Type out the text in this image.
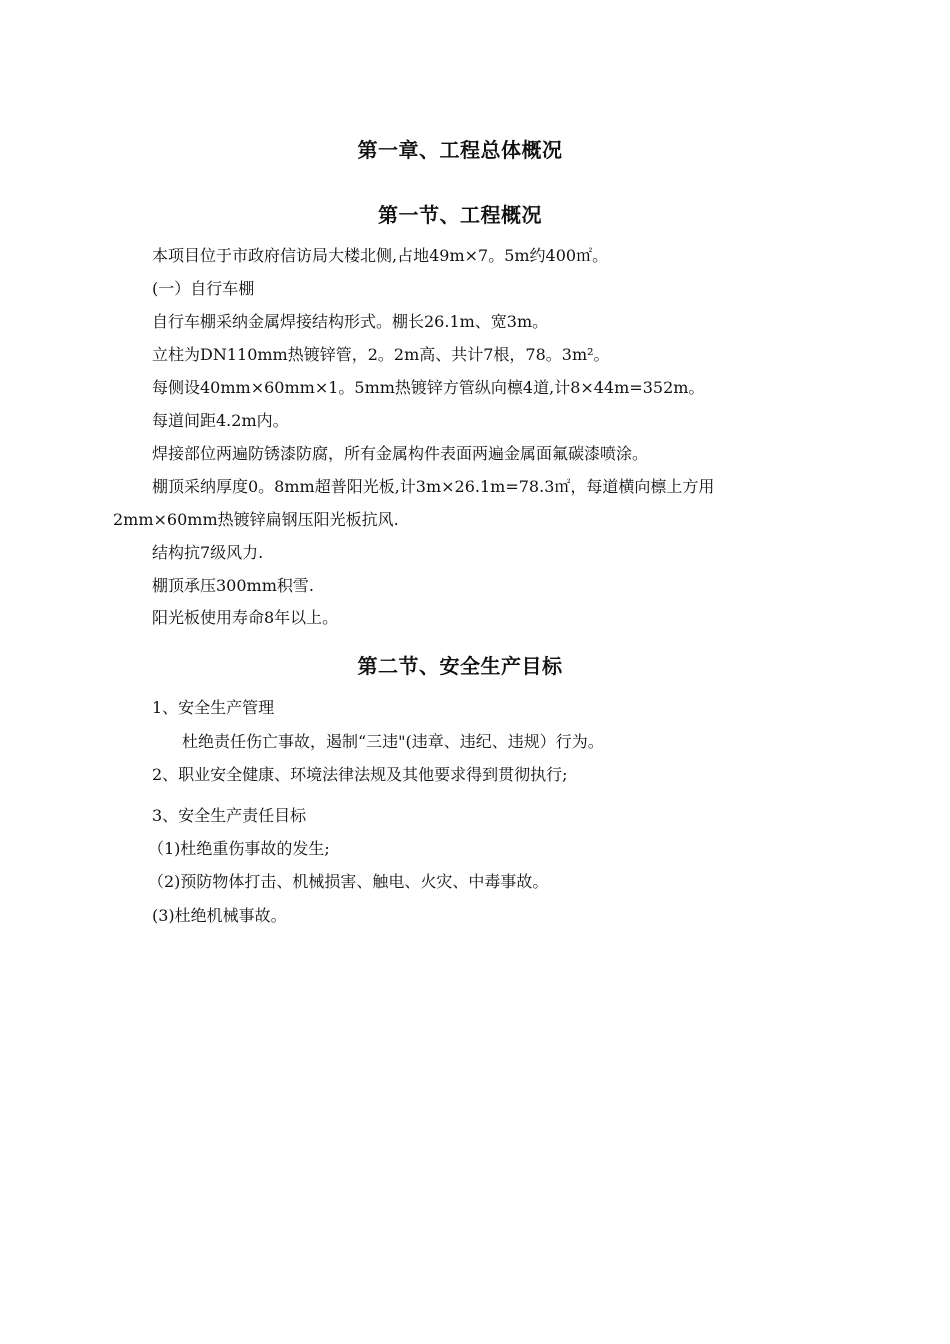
第一章、工程总体概况
第一节、工程概况
本项目位于市政府信访局大楼北侧,占地49m×7。5m约400㎡。
(一）自行车棚
自行车棚采纳金属焊接结构形式。棚长26.1m、宽3m。
立柱为DN110mm热镀锌管，2。2m高、共计7根，78。3m²。
每侧设40mm×60mm×1。5mm热镀锌方管纵向檩4道,计8×44m=352m。
每道间距4.2m内。
焊接部位两遍防锈漆防腐，所有金属构件表面两遍金属面氟碳漆喷涂。
棚顶采纳厚度0。8mm超普阳光板,计3m×26.1m=78.3㎡，每道横向檩上方用
2mm×60mm热镀锌扁钢压阳光板抗风.
结构抗7级风力.
棚顶承压300mm积雪.
阳光板使用寿命8年以上。
第二节、安全生产目标
1、安全生产管理
杜绝责任伤亡事故，遏制“三违"(违章、违纪、违规）行为。
2、职业安全健康、环境法律法规及其他要求得到贯彻执行;
3、安全生产责任目标
（1)杜绝重伤事故的发生;
（2)预防物体打击、机械损害、触电、火灾、中毒事故。
(3)杜绝机械事故。
